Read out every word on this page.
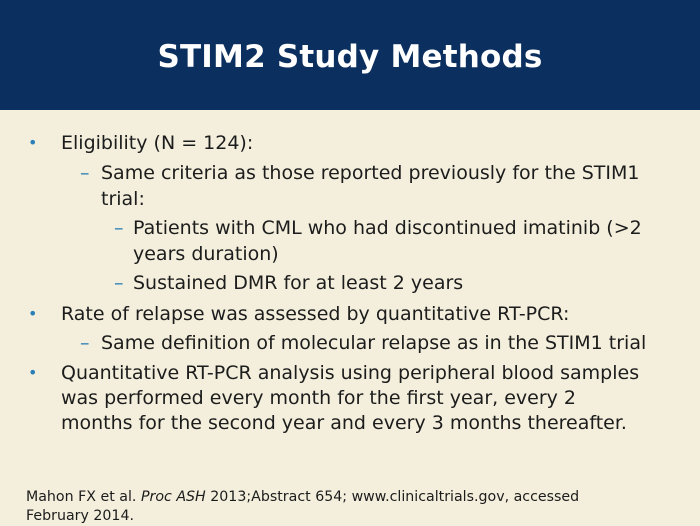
STIM2 Study Methods
• Eligibility (N = 124):
– Same criteria as those reported previously for the STIM1
trial:
– Patients with CML who had discontinued imatinib (>2
years duration)
– Sustained DMR for at least 2 years
• Rate of relapse was assessed by quantitative RT-PCR:
– Same definition of molecular relapse as in the STIM1 trial
• Quantitative RT-PCR analysis using peripheral blood samples
was performed every month for the first year, every 2
months for the second year and every 3 months thereafter.
Mahon FX et al. Proc ASH 2013;Abstract 654; www.clinicaltrials.gov, accessed
February 2014.
